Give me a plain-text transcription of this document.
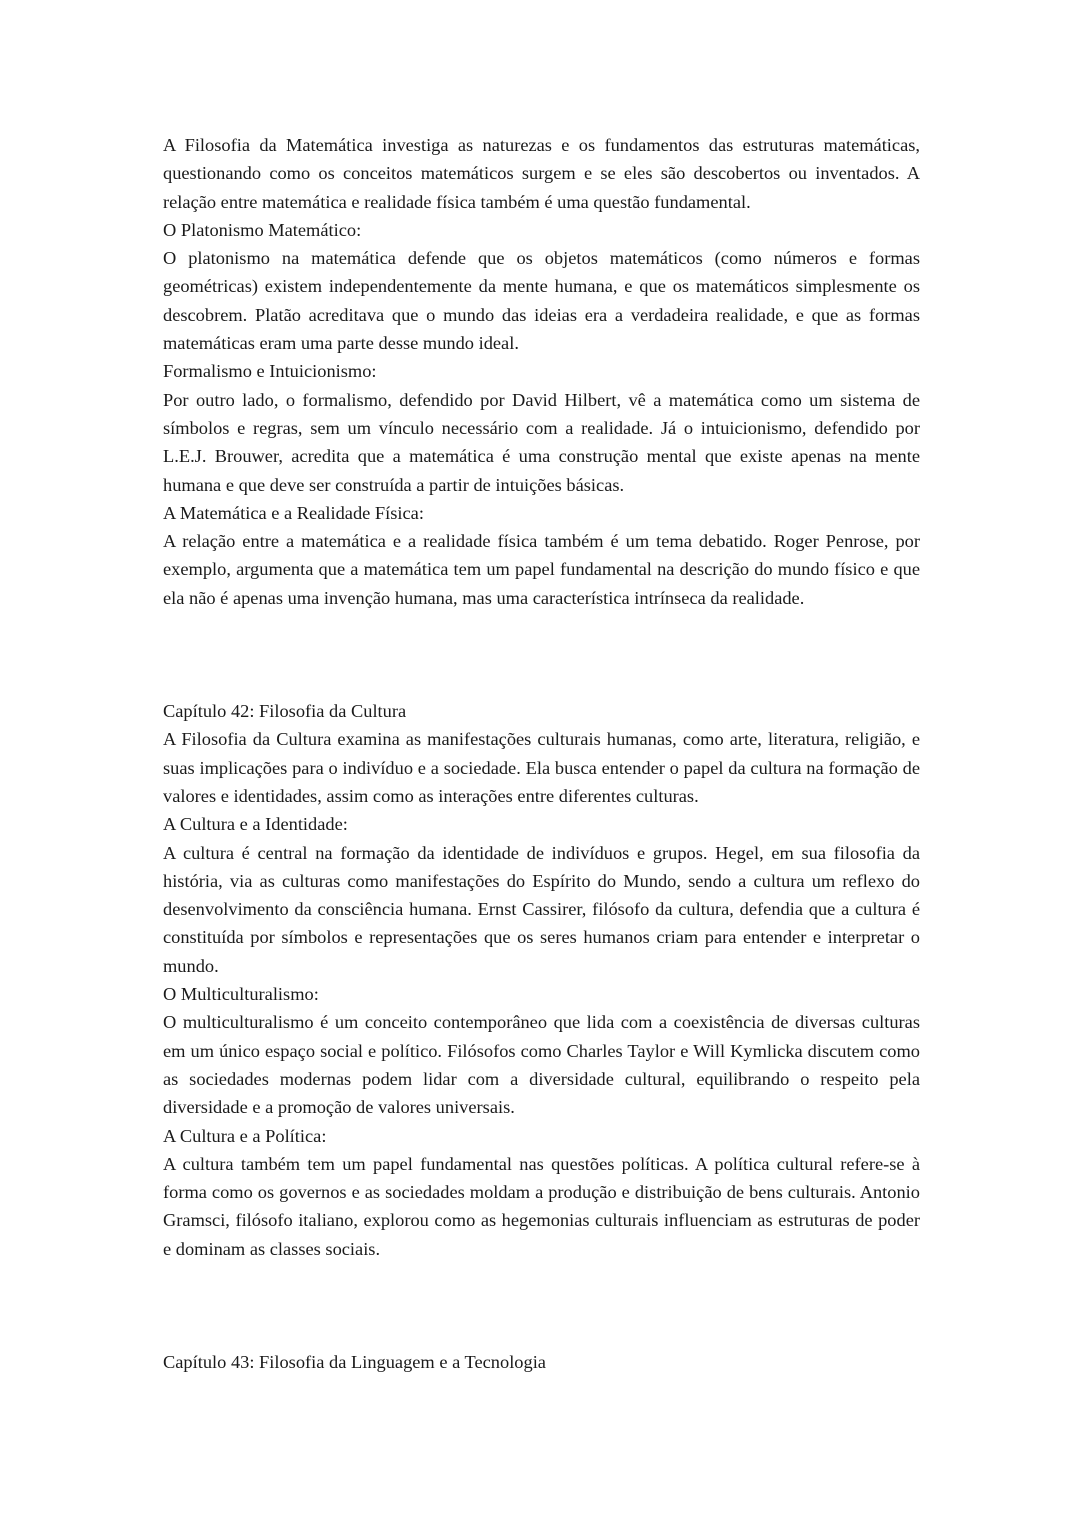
A Filosofia da Matemática investiga as naturezas e os fundamentos das estruturas matemáticas, questionando como os conceitos matemáticos surgem e se eles são descobertos ou inventados. A relação entre matemática e realidade física também é uma questão fundamental.

O Platonismo Matemático:

O platonismo na matemática defende que os objetos matemáticos (como números e formas geométricas) existem independentemente da mente humana, e que os matemáticos simplesmente os descobrem. Platão acreditava que o mundo das ideias era a verdadeira realidade, e que as formas matemáticas eram uma parte desse mundo ideal.

Formalismo e Intuicionismo:

Por outro lado, o formalismo, defendido por David Hilbert, vê a matemática como um sistema de símbolos e regras, sem um vínculo necessário com a realidade. Já o intuicionismo, defendido por L.E.J. Brouwer, acredita que a matemática é uma construção mental que existe apenas na mente humana e que deve ser construída a partir de intuições básicas.

A Matemática e a Realidade Física:

A relação entre a matemática e a realidade física também é um tema debatido. Roger Penrose, por exemplo, argumenta que a matemática tem um papel fundamental na descrição do mundo físico e que ela não é apenas uma invenção humana, mas uma característica intrínseca da realidade.

Capítulo 42: Filosofia da Cultura

A Filosofia da Cultura examina as manifestações culturais humanas, como arte, literatura, religião, e suas implicações para o indivíduo e a sociedade. Ela busca entender o papel da cultura na formação de valores e identidades, assim como as interações entre diferentes culturas.

A Cultura e a Identidade:

A cultura é central na formação da identidade de indivíduos e grupos. Hegel, em sua filosofia da história, via as culturas como manifestações do Espírito do Mundo, sendo a cultura um reflexo do desenvolvimento da consciência humana. Ernst Cassirer, filósofo da cultura, defendia que a cultura é constituída por símbolos e representações que os seres humanos criam para entender e interpretar o mundo.

O Multiculturalismo:

O multiculturalismo é um conceito contemporâneo que lida com a coexistência de diversas culturas em um único espaço social e político. Filósofos como Charles Taylor e Will Kymlicka discutem como as sociedades modernas podem lidar com a diversidade cultural, equilibrando o respeito pela diversidade e a promoção de valores universais.

A Cultura e a Política:

A cultura também tem um papel fundamental nas questões políticas. A política cultural refere-se à forma como os governos e as sociedades moldam a produção e distribuição de bens culturais. Antonio Gramsci, filósofo italiano, explorou como as hegemonias culturais influenciam as estruturas de poder e dominam as classes sociais.

Capítulo 43: Filosofia da Linguagem e a Tecnologia
